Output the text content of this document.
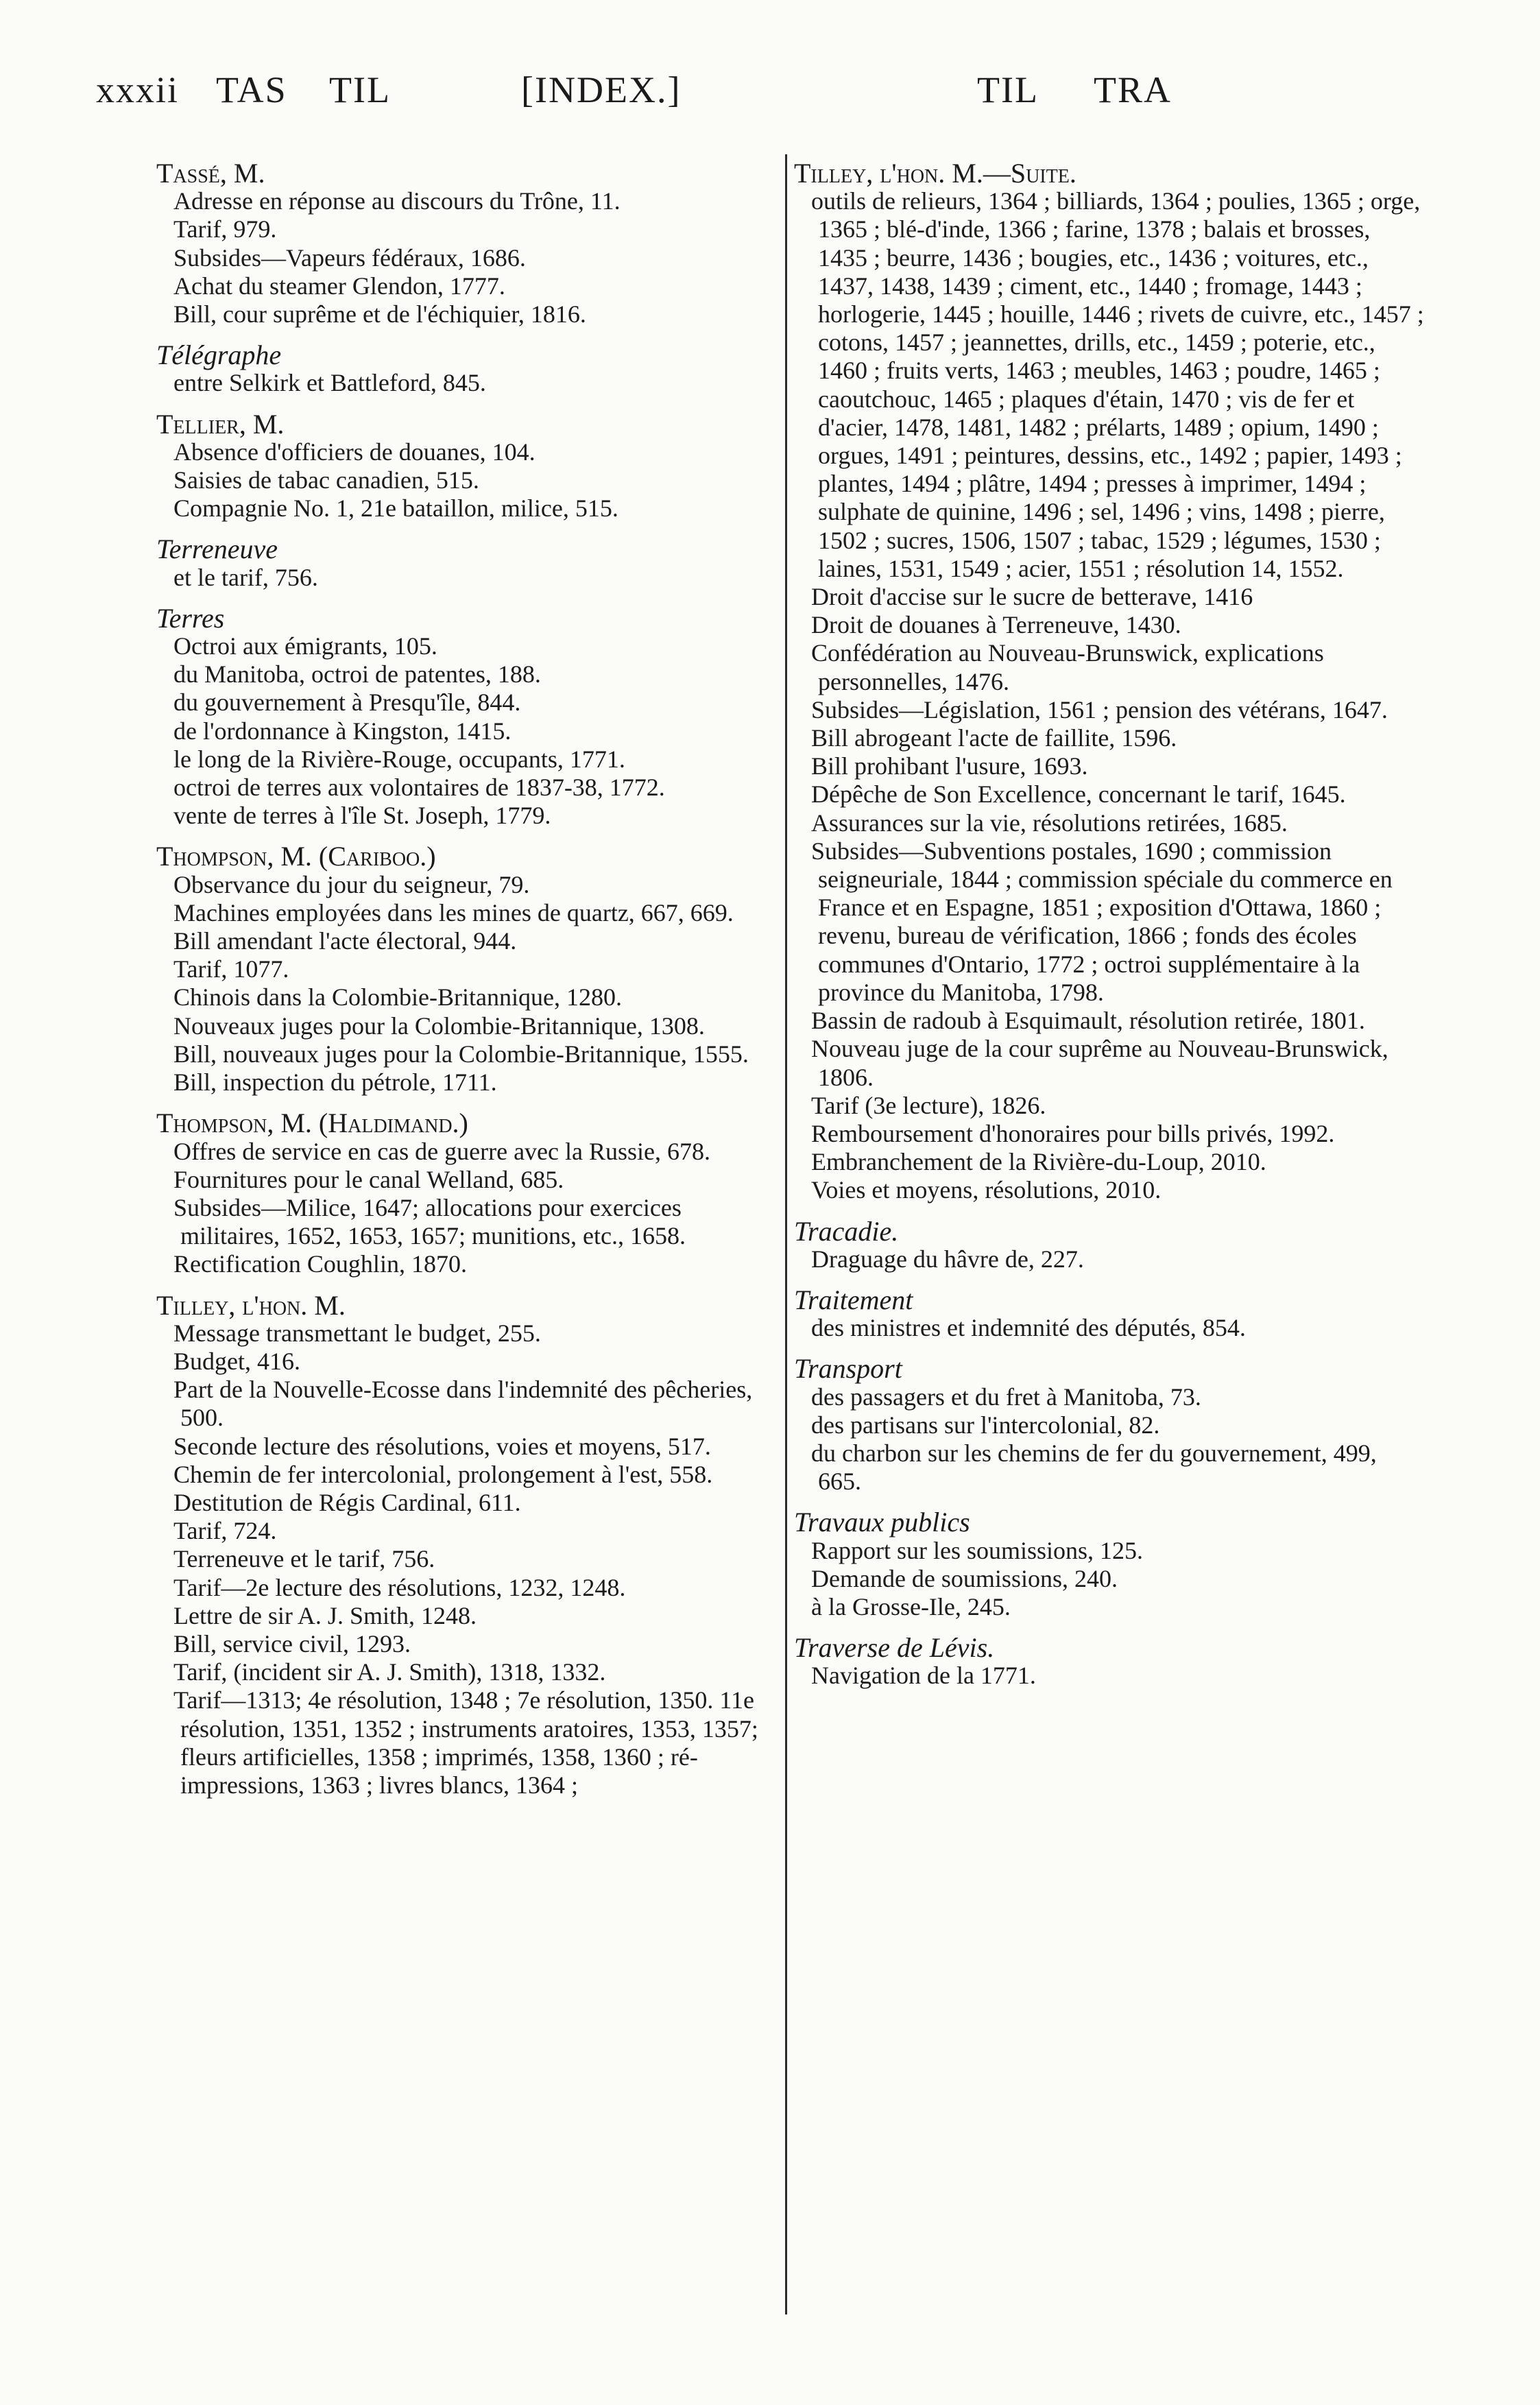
xxxii TAS TIL	[INDEX.]	TIL TRA
Tassé, M.
Adresse en réponse au discours du Trône, 11.
Tarif, 979.
Subsides—Vapeurs fédéraux, 1686.
Achat du steamer Glendon, 1777.
Bill, cour suprême et de l'échiquier, 1816.
Télégraphe
entre Selkirk et Battleford, 845.
Tellier, M.
Absence d'officiers de douanes, 104.
Saisies de tabac canadien, 515.
Compagnie No. 1, 21e bataillon, milice, 515.
Terreneuve
et le tarif, 756.
Terres
Octroi aux émigrants, 105.
du Manitoba, octroi de patentes, 188.
du gouvernement à Presqu'île, 844.
de l'ordonnance à Kingston, 1415.
le long de la Rivière-Rouge, occupants, 1771.
octroi de terres aux volontaires de 1837-38, 1772.
vente de terres à l'île St. Joseph, 1779.
Thompson, M. (Cariboo.)
Observance du jour du seigneur, 79.
Machines employées dans les mines de quartz, 667, 669.
Bill amendant l'acte électoral, 944.
Tarif, 1077.
Chinois dans la Colombie-Britannique, 1280.
Nouveaux juges pour la Colombie-Britannique, 1308.
Bill, nouveaux juges pour la Colombie-Britannique, 1555.
Bill, inspection du pétrole, 1711.
Thompson, M. (Haldimand.)
Offres de service en cas de guerre avec la Russie, 678.
Fournitures pour le canal Welland, 685.
Subsides—Milice, 1647; allocations pour exercices militaires, 1652, 1653, 1657; munitions, etc., 1658.
Rectification Coughlin, 1870.
Tilley, l'hon. M.
Message transmettant le budget, 255.
Budget, 416.
Part de la Nouvelle-Ecosse dans l'indemnité des pêcheries, 500.
Seconde lecture des résolutions, voies et moyens, 517.
Chemin de fer intercolonial, prolongement à l'est, 558.
Destitution de Régis Cardinal, 611.
Tarif, 724.
Terreneuve et le tarif, 756.
Tarif—2e lecture des résolutions, 1232, 1248.
Lettre de sir A. J. Smith, 1248.
Bill, service civil, 1293.
Tarif, (incident sir A. J. Smith), 1318, 1332.
Tarif—1313; 4e résolution, 1348 ; 7e résolution, 1350. 11e résolution, 1351, 1352 ; instruments aratoires, 1353, 1357; fleurs artificielles, 1358 ; imprimés, 1358, 1360 ; ré-impressions, 1363 ; livres blancs, 1364 ;
Tilley, l'hon. M.—Suite.
outils de relieurs, 1364 ; billiards, 1364 ; poulies, 1365 ; orge, 1365 ; blé-d'inde, 1366 ; farine, 1378 ; balais et brosses, 1435 ; beurre, 1436 ; bougies, etc., 1436 ; voitures, etc., 1437, 1438, 1439 ; ciment, etc., 1440 ; fromage, 1443 ; horlogerie, 1445 ; houille, 1446 ; rivets de cuivre, etc., 1457 ; cotons, 1457 ; jeannettes, drills, etc., 1459 ; poterie, etc., 1460 ; fruits verts, 1463 ; meubles, 1463 ; poudre, 1465 ; caoutchouc, 1465 ; plaques d'étain, 1470 ; vis de fer et d'acier, 1478, 1481, 1482 ; prélarts, 1489 ; opium, 1490 ; orgues, 1491 ; peintures, dessins, etc., 1492 ; papier, 1493 ; plantes, 1494 ; plâtre, 1494 ; presses à imprimer, 1494 ; sulphate de quinine, 1496 ; sel, 1496 ; vins, 1498 ; pierre, 1502 ; sucres, 1506, 1507 ; tabac, 1529 ; légumes, 1530 ; laines, 1531, 1549 ; acier, 1551 ; résolution 14, 1552.
Droit d'accise sur le sucre de betterave, 1416
Droit de douanes à Terreneuve, 1430.
Confédération au Nouveau-Brunswick, explications personnelles, 1476.
Subsides—Législation, 1561 ; pension des vétérans, 1647.
Bill abrogeant l'acte de faillite, 1596.
Bill prohibant l'usure, 1693.
Dépêche de Son Excellence, concernant le tarif, 1645.
Assurances sur la vie, résolutions retirées, 1685.
Subsides—Subventions postales, 1690 ; commission seigneuriale, 1844 ; commission spéciale du commerce en France et en Espagne, 1851 ; exposition d'Ottawa, 1860 ; revenu, bureau de vérification, 1866 ; fonds des écoles communes d'Ontario, 1772 ; octroi supplémentaire à la province du Manitoba, 1798.
Bassin de radoub à Esquimault, résolution retirée, 1801.
Nouveau juge de la cour suprême au Nouveau-Brunswick, 1806.
Tarif (3e lecture), 1826.
Remboursement d'honoraires pour bills privés, 1992.
Embranchement de la Rivière-du-Loup, 2010.
Voies et moyens, résolutions, 2010.
Tracadie.
Draguage du hâvre de, 227.
Traitement
des ministres et indemnité des députés, 854.
Transport
des passagers et du fret à Manitoba, 73.
des partisans sur l'intercolonial, 82.
du charbon sur les chemins de fer du gouvernement, 499, 665.
Travaux publics
Rapport sur les soumissions, 125.
Demande de soumissions, 240.
à la Grosse-Ile, 245.
Traverse de Lévis.
Navigation de la 1771.
